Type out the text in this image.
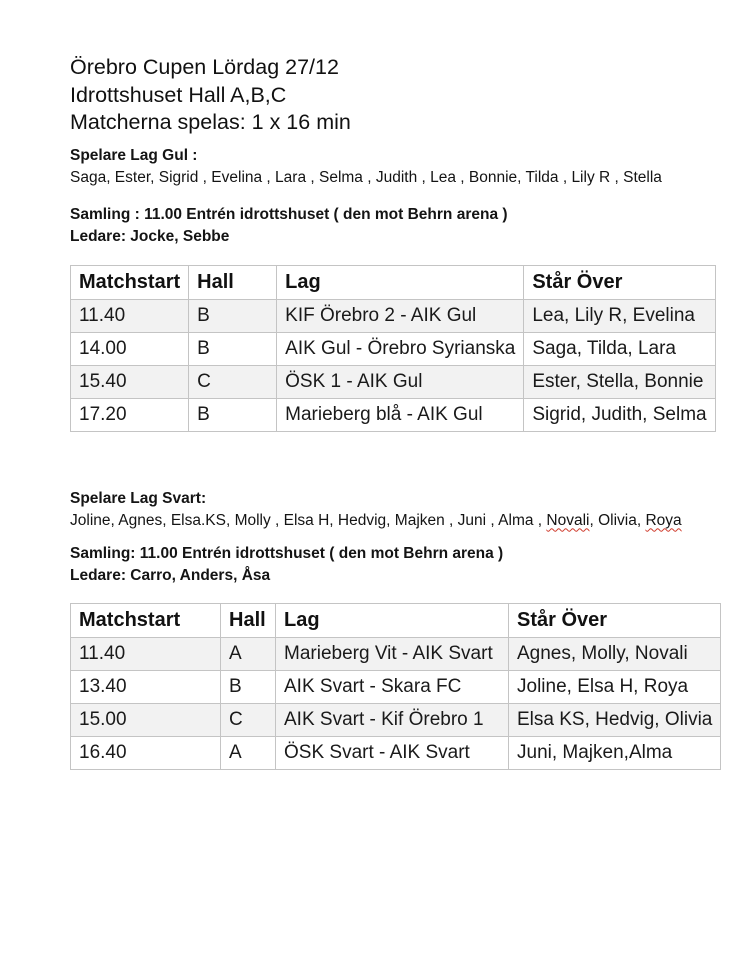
Örebro Cupen Lördag 27/12
Idrottshuset Hall A,B,C
Matcherna spelas: 1 x 16 min
Spelare Lag Gul :
Saga, Ester, Sigrid , Evelina , Lara , Selma , Judith , Lea , Bonnie, Tilda , Lily R , Stella
Samling : 11.00 Entrén idrottshuset ( den mot Behrn arena )
Ledare: Jocke, Sebbe
Matchstart	Hall	Lag	Står Över
11.40	B	KIF Örebro 2 - AIK Gul	Lea, Lily R, Evelina
14.00	B	AIK Gul - Örebro Syrianska	Saga, Tilda, Lara
15.40	C	ÖSK 1 - AIK Gul	Ester, Stella, Bonnie
17.20	B	Marieberg blå - AIK Gul	Sigrid, Judith, Selma
Spelare Lag Svart:
Joline, Agnes, Elsa.KS, Molly , Elsa H, Hedvig, Majken , Juni , Alma , Novali, Olivia, Roya
Samling: 11.00 Entrén idrottshuset ( den mot Behrn arena )
Ledare: Carro, Anders, Åsa
Matchstart	Hall	Lag	Står Över
11.40	A	Marieberg Vit - AIK Svart	Agnes, Molly, Novali
13.40	B	AIK Svart - Skara FC	Joline, Elsa H, Roya
15.00	C	AIK Svart - Kif Örebro 1	Elsa KS, Hedvig, Olivia
16.40	A	ÖSK Svart - AIK Svart	Juni, Majken,Alma
